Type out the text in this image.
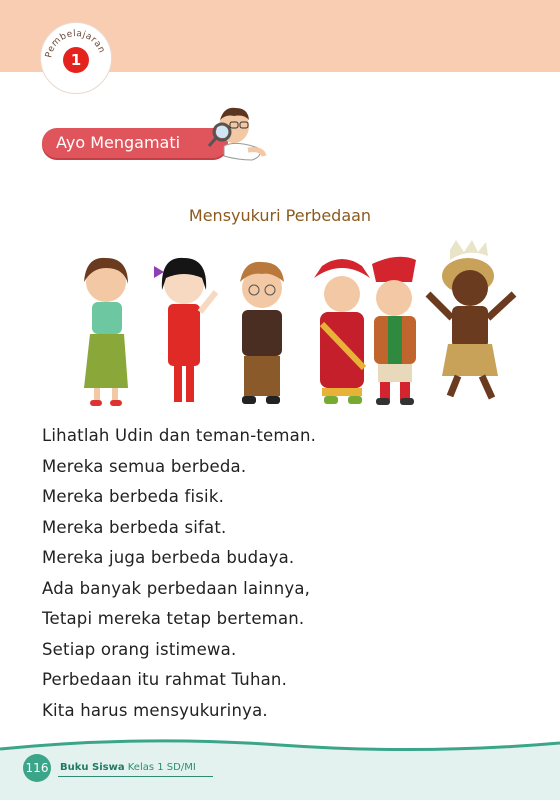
Pembelajaran
1
Ayo Mengamati
Mensyukuri Perbedaan
Lihatlah Udin dan teman-teman.
Mereka semua berbeda.
Mereka berbeda fisik.
Mereka berbeda sifat.
Mereka juga berbeda budaya.
Ada banyak perbedaan lainnya,
Tetapi mereka tetap berteman.
Setiap orang istimewa.
Perbedaan itu rahmat Tuhan.
Kita harus mensyukurinya.
116 Buku Siswa Kelas 1 SD/MI
